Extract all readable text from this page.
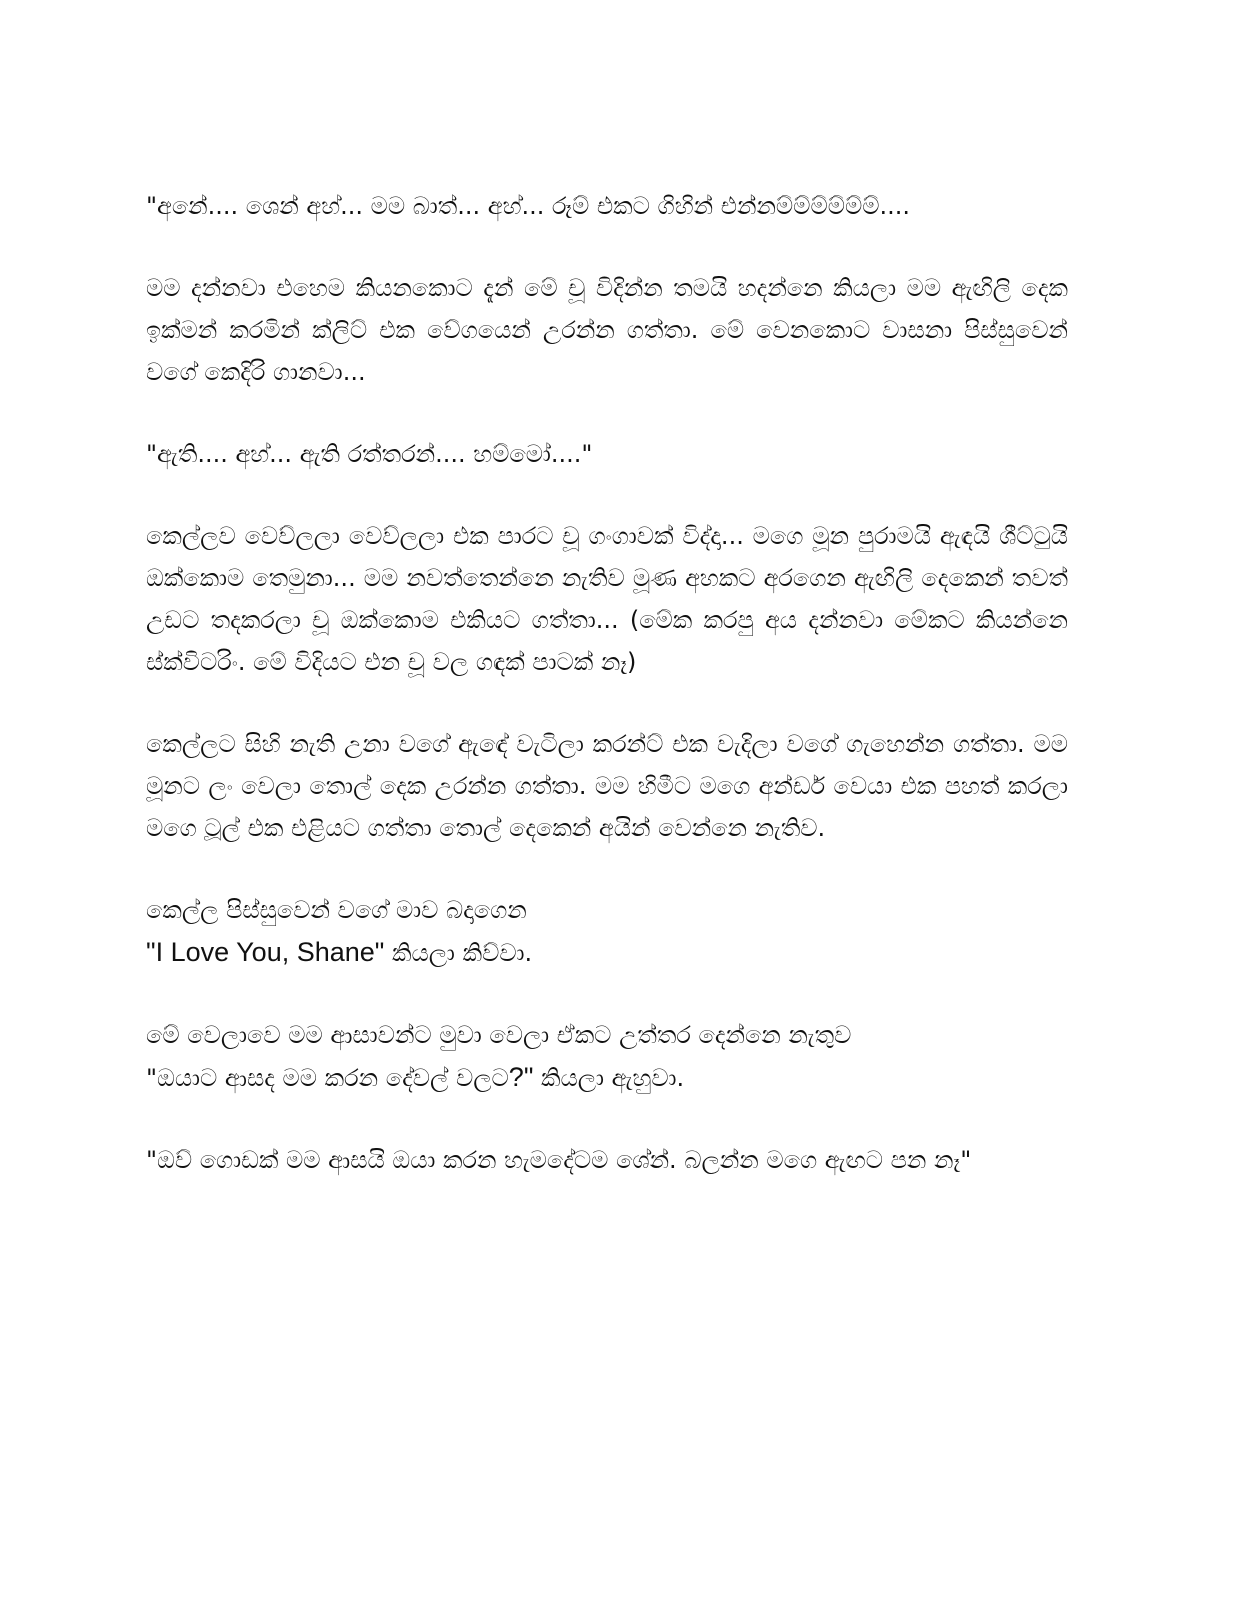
"අනේ.... ශෙන් අහ්... මම බාත්... අහ්... රූම් එකට ගිහින් එන්නම්ම්ම්ම්ම්ම්....

මම දන්නවා එහෙම කියනකොට දැන් මේ චූ විදින්න තමයි හදන්නෙ කියලා මම ඇඟිලි දෙක ඉක්මන් කරමින් ක්ලිට් එක වේගයෙන් උරන්න ගත්තා. මේ වෙනකොට වාසනා පිස්සුවෙන් වගේ කෙදිරි ගානවා...

"ඇති.... අහ්... ඇති රත්තරන්.... හම්මෝ...."

කෙල්ලව වෙව්ලලා වෙව්ලලා එක පාරට චූ ගංගාවක් විද්දා... මගෙ මූන පුරාමයි ඇඳයි ශීට්ටුයි ඔක්කොම තෙමුනා... මම නවත්තෙන්නෙ නැතිව මූණ අහකට අරගෙන ඇඟිලි දෙකෙන් තවත් උඩට තදකරලා චූ ඔක්කොම එකියට ගත්තා... (මේක කරපු අය දන්නවා මේකට කියන්නෙ ස්ක්විටරිං. මේ විදියට එන චූ වල ගඳක් පාටක් නෑ)

කෙල්ලට සිහි නැති උනා වගේ ඇඳේ වැටිලා කරන්ට් එක වැදිලා වගේ ගැහෙන්න ගත්තා. මම මූනට ලං වෙලා තොල් දෙක උරන්න ගත්තා. මම හිමීට මගෙ අන්ඩර් වෙයා එක පහත් කරලා මගෙ ටූල් එක එළියට ගත්තා තොල් දෙකෙන් අයින් වෙන්නෙ නැතිව.

කෙල්ල පිස්සුවෙන් වගේ මාව බදාගෙන
"I Love You, Shane" කියලා කිව්වා.

මේ වෙලාවෙ මම ආසාවන්ට මුවා වෙලා ඒකට උත්තර දෙන්නෙ නැතුව
"ඔයාට ආසද මම කරන දේවල් වලට?" කියලා ඇහුවා.

"ඔව් ගොඩක් මම ආසයි ඔයා කරන හැමදේටම ශේන්. බලන්න මගෙ ඇඟට පන නෑ"
